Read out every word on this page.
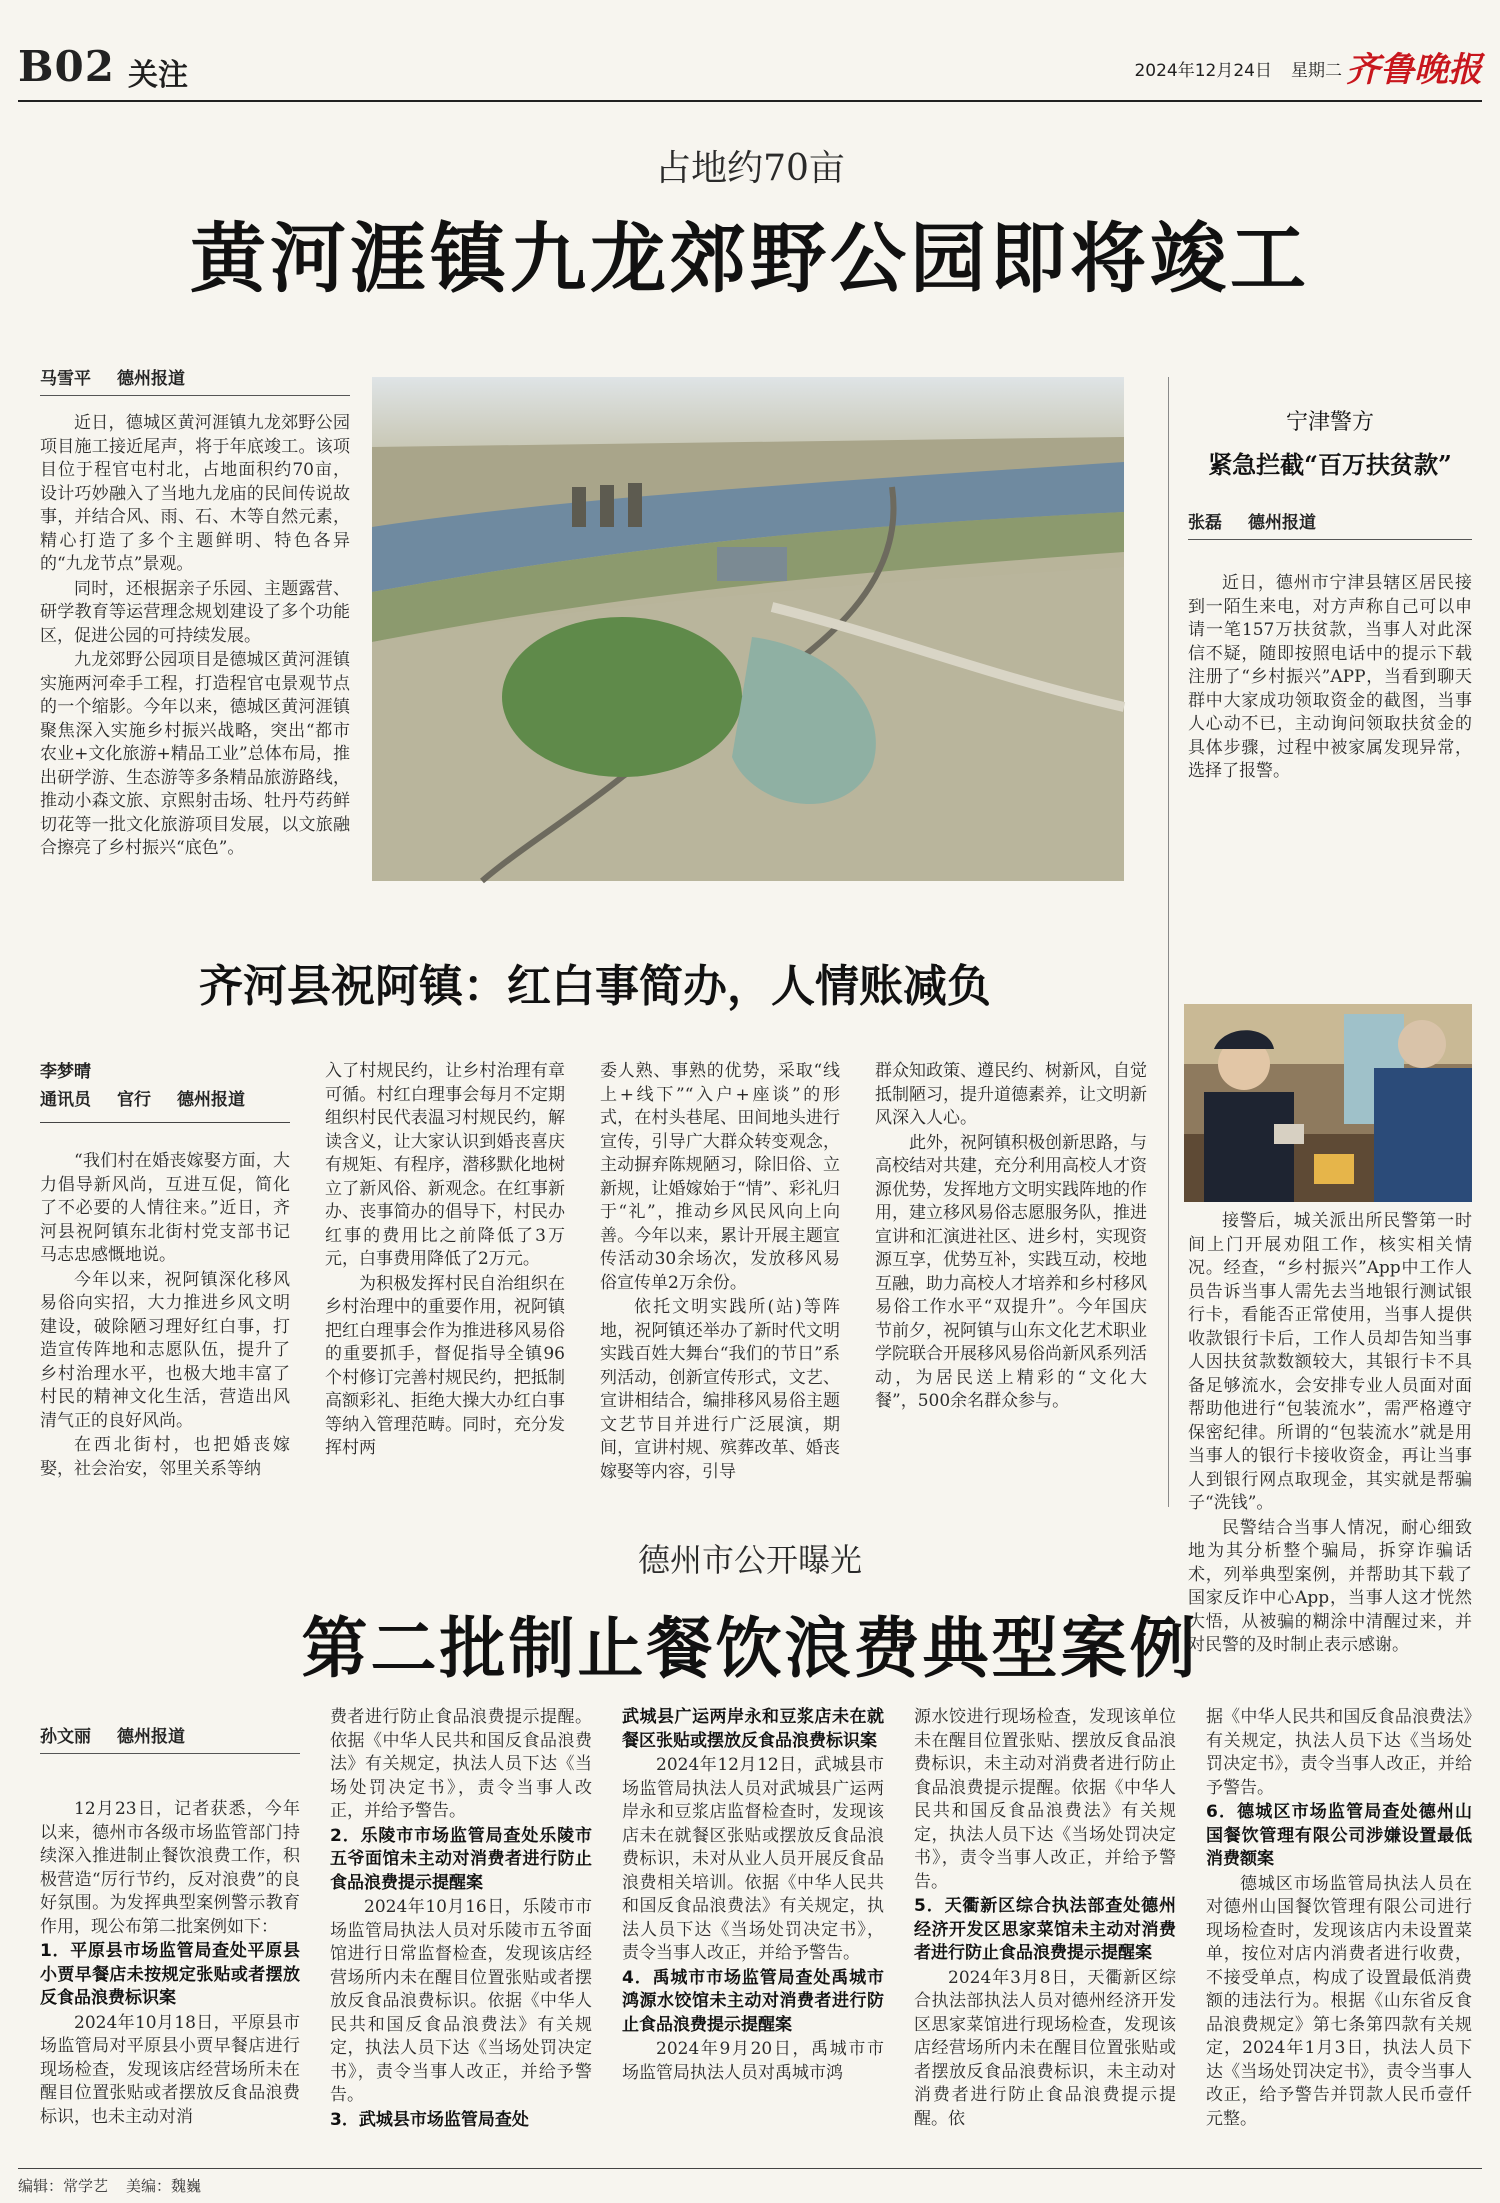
B02 关注	2024年12月24日 星期二 齐鲁晚报
占地约70亩
黄河涯镇九龙郊野公园即将竣工
马雪平 德州报道

近日，德城区黄河涯镇九龙郊野公园项目施工接近尾声，将于年底竣工。该项目位于程官屯村北，占地面积约70亩，设计巧妙融入了当地九龙庙的民间传说故事，并结合风、雨、石、木等自然元素，精心打造了多个主题鲜明、特色各异的“九龙节点”景观。

同时，还根据亲子乐园、主题露营、研学教育等运营理念规划建设了多个功能区，促进公园的可持续发展。

九龙郊野公园项目是德城区黄河涯镇实施两河牵手工程，打造程官屯景观节点的一个缩影。今年以来，德城区黄河涯镇聚焦深入实施乡村振兴战略，突出“都市农业+文化旅游+精品工业”总体布局，推出研学游、生态游等多条精品旅游路线，推动小森文旅、京熙射击场、牡丹芍药鲜切花等一批文化旅游项目发展，以文旅融合擦亮了乡村振兴“底色”。

宁津警方
紧急拦截“百万扶贫款”
张磊 德州报道

近日，德州市宁津县辖区居民接到一陌生来电，对方声称自己可以申请一笔157万扶贫款，当事人对此深信不疑，随即按照电话中的提示下载注册了“乡村振兴”APP，当看到聊天群中大家成功领取资金的截图，当事人心动不已，主动询问领取扶贫金的具体步骤，过程中被家属发现异常，选择了报警。

接警后，城关派出所民警第一时间上门开展劝阻工作，核实相关情况。经查，“乡村振兴”App中工作人员告诉当事人需先去当地银行测试银行卡，看能否正常使用，当事人提供收款银行卡后，工作人员却告知当事人因扶贫款数额较大，其银行卡不具备足够流水，会安排专业人员面对面帮助他进行“包装流水”，需严格遵守保密纪律。所谓的“包装流水”就是用当事人的银行卡接收资金，再让当事人到银行网点取现金，其实就是帮骗子“洗钱”。

民警结合当事人情况，耐心细致地为其分析整个骗局，拆穿诈骗话术，列举典型案例，并帮助其下载了国家反诈中心App，当事人这才恍然大悟，从被骗的糊涂中清醒过来，并对民警的及时制止表示感谢。

齐河县祝阿镇：红白事简办，人情账减负
李梦晴
通讯员 官行 德州报道

“我们村在婚丧嫁娶方面，大力倡导新风尚，互进互促，简化了不必要的人情往来。”近日，齐河县祝阿镇东北街村党支部书记马志忠感慨地说。

今年以来，祝阿镇深化移风易俗向实招，大力推进乡风文明建设，破除陋习理好红白事，打造宣传阵地和志愿队伍，提升了乡村治理水平，也极大地丰富了村民的精神文化生活，营造出风清气正的良好风尚。

在西北街村，也把婚丧嫁娶，社会治安，邻里关系等纳

入了村规民约，让乡村治理有章可循。村红白理事会每月不定期组织村民代表温习村规民约，解读含义，让大家认识到婚丧喜庆有规矩、有程序，潜移默化地树立了新风俗、新观念。在红事新办、丧事简办的倡导下，村民办红事的费用比之前降低了3万元，白事费用降低了2万元。

为积极发挥村民自治组织在乡村治理中的重要作用，祝阿镇把红白理事会作为推进移风易俗的重要抓手，督促指导全镇96个村修订完善村规民约，把抵制高额彩礼、拒绝大操大办红白事等纳入管理范畴。同时，充分发挥村两

委人熟、事熟的优势，采取“线上+线下”“入户+座谈”的形式，在村头巷尾、田间地头进行宣传，引导广大群众转变观念，主动摒弃陈规陋习，除旧俗、立新规，让婚嫁始于“情”、彩礼归于“礼”，推动乡风民风向上向善。今年以来，累计开展主题宣传活动30余场次，发放移风易俗宣传单2万余份。

依托文明实践所(站)等阵地，祝阿镇还举办了新时代文明实践百姓大舞台“我们的节日”系列活动，创新宣传形式，文艺、宣讲相结合，编排移风易俗主题文艺节目并进行广泛展演，期间，宣讲村规、殡葬改革、婚丧嫁娶等内容，引导

群众知政策、遵民约、树新风，自觉抵制陋习，提升道德素养，让文明新风深入人心。

此外，祝阿镇积极创新思路，与高校结对共建，充分利用高校人才资源优势，发挥地方文明实践阵地的作用，建立移风易俗志愿服务队，推进宣讲和汇演进社区、进乡村，实现资源互享，优势互补，实践互动，校地互融，助力高校人才培养和乡村移风易俗工作水平“双提升”。今年国庆节前夕，祝阿镇与山东文化艺术职业学院联合开展移风易俗尚新风系列活动，为居民送上精彩的“文化大餐”，500余名群众参与。

德州市公开曝光
第二批制止餐饮浪费典型案例
孙文丽 德州报道

12月23日，记者获悉，今年以来，德州市各级市场监管部门持续深入推进制止餐饮浪费工作，积极营造“厉行节约，反对浪费”的良好氛围。为发挥典型案例警示教育作用，现公布第二批案例如下：

1．平原县市场监管局查处平原县小贾早餐店未按规定张贴或者摆放反食品浪费标识案

2024年10月18日，平原县市场监管局对平原县小贾早餐店进行现场检查，发现该店经营场所未在醒目位置张贴或者摆放反食品浪费标识，也未主动对消

费者进行防止食品浪费提示提醒。依据《中华人民共和国反食品浪费法》有关规定，执法人员下达《当场处罚决定书》，责令当事人改正，并给予警告。

2．乐陵市市场监管局查处乐陵市五爷面馆未主动对消费者进行防止食品浪费提示提醒案

2024年10月16日，乐陵市市场监管局执法人员对乐陵市五爷面馆进行日常监督检查，发现该店经营场所内未在醒目位置张贴或者摆放反食品浪费标识。依据《中华人民共和国反食品浪费法》有关规定，执法人员下达《当场处罚决定书》，责令当事人改正，并给予警告。

3．武城县市场监管局查处

武城县广运两岸永和豆浆店未在就餐区张贴或摆放反食品浪费标识案

2024年12月12日，武城县市场监管局执法人员对武城县广运两岸永和豆浆店监督检查时，发现该店未在就餐区张贴或摆放反食品浪费标识，未对从业人员开展反食品浪费相关培训。依据《中华人民共和国反食品浪费法》有关规定，执法人员下达《当场处罚决定书》，责令当事人改正，并给予警告。

4．禹城市市场监管局查处禹城市鸿源水饺馆未主动对消费者进行防止食品浪费提示提醒案

2024年9月20日，禹城市市场监管局执法人员对禹城市鸿

源水饺进行现场检查，发现该单位未在醒目位置张贴、摆放反食品浪费标识，未主动对消费者进行防止食品浪费提示提醒。依据《中华人民共和国反食品浪费法》有关规定，执法人员下达《当场处罚决定书》，责令当事人改正，并给予警告。

5．天衢新区综合执法部查处德州经济开发区思家菜馆未主动对消费者进行防止食品浪费提示提醒案

2024年3月8日，天衢新区综合执法部执法人员对德州经济开发区思家菜馆进行现场检查，发现该店经营场所内未在醒目位置张贴或者摆放反食品浪费标识，未主动对消费者进行防止食品浪费提示提醒。依

据《中华人民共和国反食品浪费法》有关规定，执法人员下达《当场处罚决定书》，责令当事人改正，并给予警告。

6．德城区市场监管局查处德州山国餐饮管理有限公司涉嫌设置最低消费额案

德城区市场监管局执法人员在对德州山国餐饮管理有限公司进行现场检查时，发现该店内未设置菜单，按位对店内消费者进行收费，不接受单点，构成了设置最低消费额的违法行为。根据《山东省反食品浪费规定》第七条第四款有关规定，2024年1月3日，执法人员下达《当场处罚决定书》，责令当事人改正，给予警告并罚款人民币壹仟元整。

编辑：常学艺 美编：魏巍
